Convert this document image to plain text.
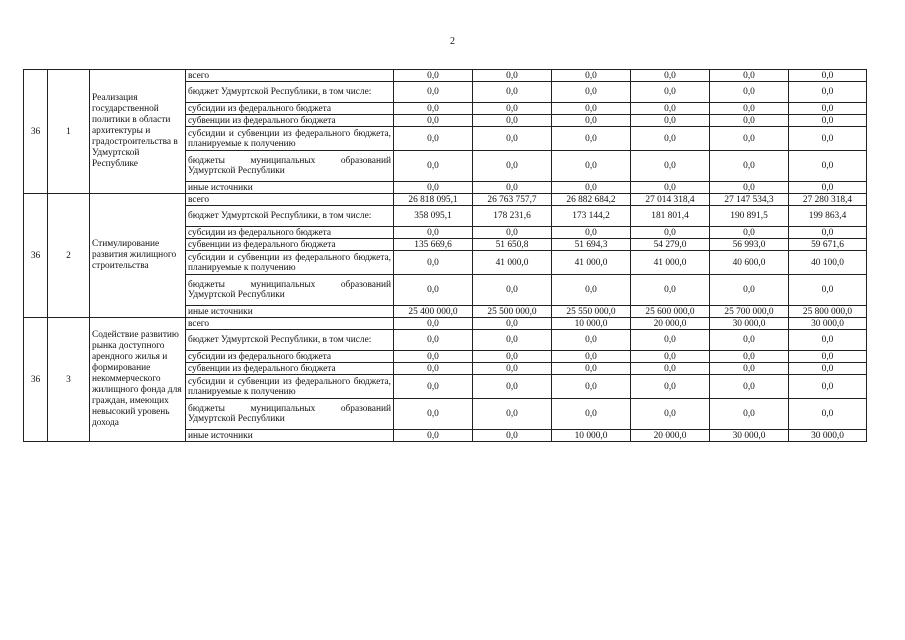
2
36	1	Реализация государственной политики в области архитектуры и градостроительства в Удмуртской Республике	всего	0,0	0,0	0,0	0,0	0,0	0,0
			бюджет Удмуртской Республики, в том числе:	0,0	0,0	0,0	0,0	0,0	0,0
			субсидии из федерального бюджета	0,0	0,0	0,0	0,0	0,0	0,0
			субвенции из федерального бюджета	0,0	0,0	0,0	0,0	0,0	0,0
			субсидии и субвенции из федерального бюджета, планируемые к получению	0,0	0,0	0,0	0,0	0,0	0,0
			бюджеты муниципальных образований Удмуртской Республики	0,0	0,0	0,0	0,0	0,0	0,0
			иные источники	0,0	0,0	0,0	0,0	0,0	0,0
36	2	Стимулирование развития жилищного строительства	всего	26 818 095,1	26 763 757,7	26 882 684,2	27 014 318,4	27 147 534,3	27 280 318,4
			бюджет Удмуртской Республики, в том числе:	358 095,1	178 231,6	173 144,2	181 801,4	190 891,5	199 863,4
			субсидии из федерального бюджета	0,0	0,0	0,0	0,0	0,0	0,0
			субвенции из федерального бюджета	135 669,6	51 650,8	51 694,3	54 279,0	56 993,0	59 671,6
			субсидии и субвенции из федерального бюджета, планируемые к получению	0,0	41 000,0	41 000,0	41 000,0	40 600,0	40 100,0
			бюджеты муниципальных образований Удмуртской Республики	0,0	0,0	0,0	0,0	0,0	0,0
			иные источники	25 400 000,0	25 500 000,0	25 550 000,0	25 600 000,0	25 700 000,0	25 800 000,0
36	3	Содействие развитию рынка доступного арендного жилья и формирование некоммерческого жилищного фонда для граждан, имеющих невысокий уровень дохода	всего	0,0	0,0	10 000,0	20 000,0	30 000,0	30 000,0
			бюджет Удмуртской Республики, в том числе:	0,0	0,0	0,0	0,0	0,0	0,0
			субсидии из федерального бюджета	0,0	0,0	0,0	0,0	0,0	0,0
			субвенции из федерального бюджета	0,0	0,0	0,0	0,0	0,0	0,0
			субсидии и субвенции из федерального бюджета, планируемые к получению	0,0	0,0	0,0	0,0	0,0	0,0
			бюджеты муниципальных образований Удмуртской Республики	0,0	0,0	0,0	0,0	0,0	0,0
			иные источники	0,0	0,0	10 000,0	20 000,0	30 000,0	30 000,0
